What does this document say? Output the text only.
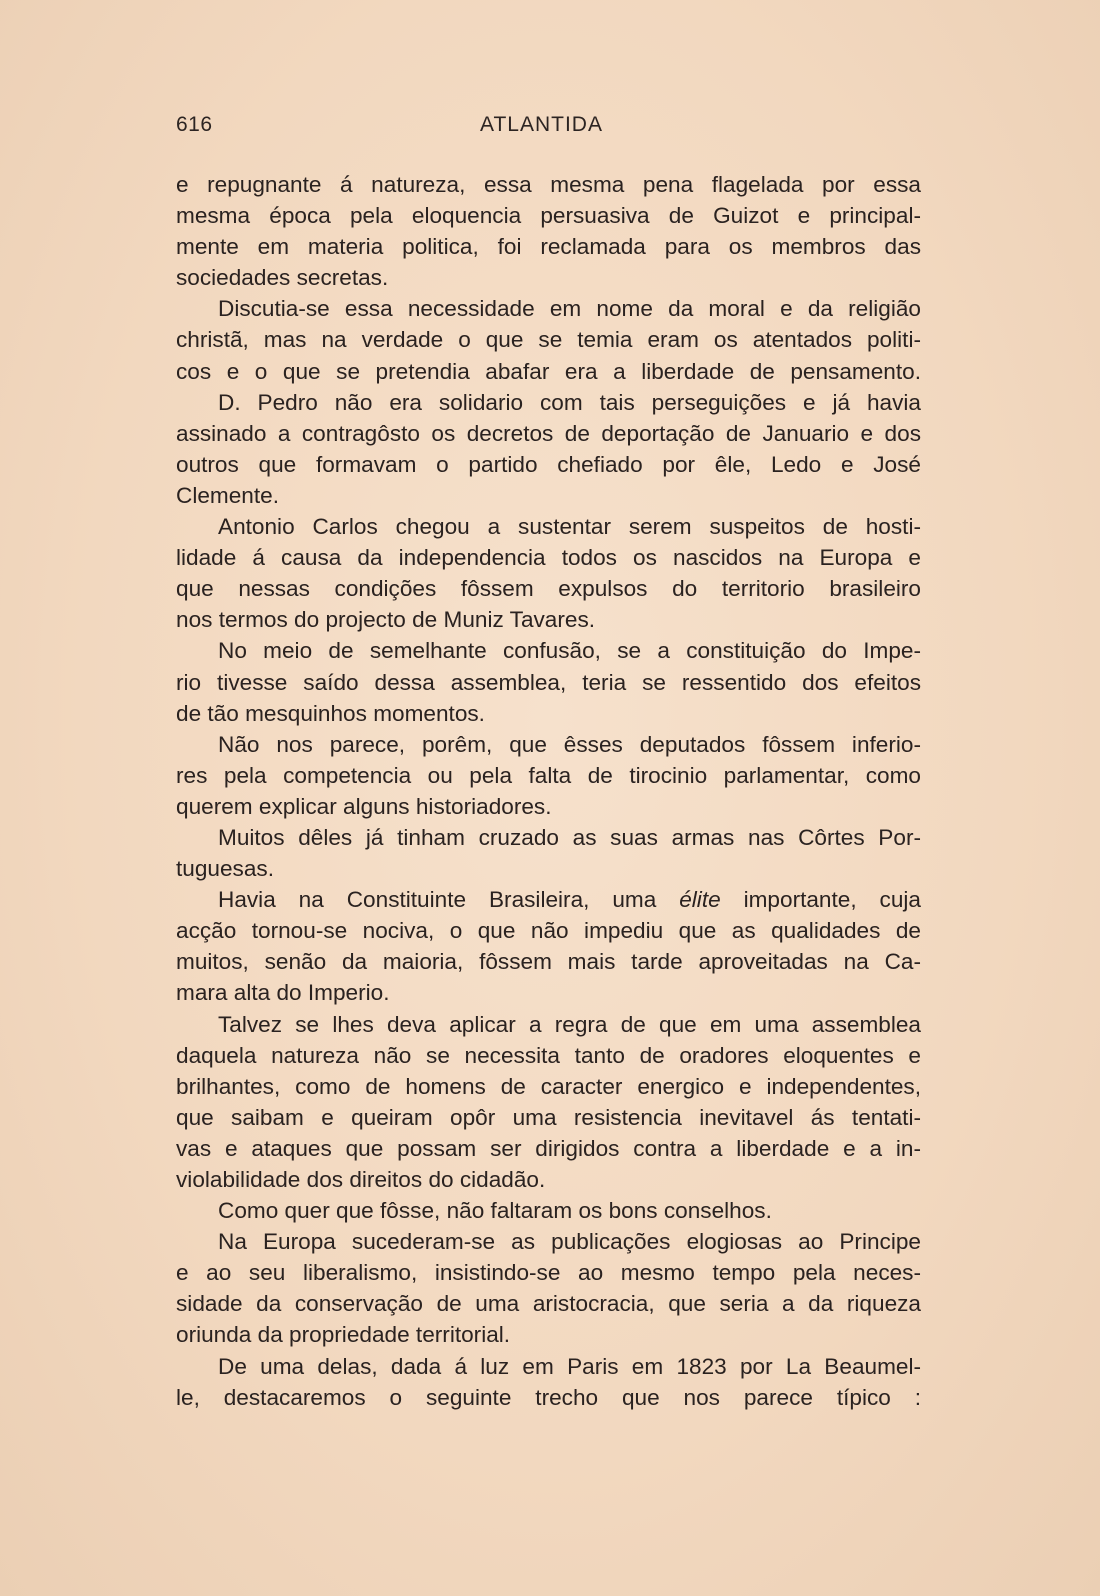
616	ATLANTIDA
e repugnante á natureza, essa mesma pena flagelada por essa
mesma época pela eloquencia persuasiva de Guizot e principal-
mente em materia politica, foi reclamada para os membros das
sociedades secretas.
Discutia-se essa necessidade em nome da moral e da religião
christã, mas na verdade o que se temia eram os atentados politi-
cos e o que se pretendia abafar era a liberdade de pensamento.
D. Pedro não era solidario com tais perseguições e já havia
assinado a contragôsto os decretos de deportação de Januario e dos
outros que formavam o partido chefiado por êle, Ledo e José
Clemente.
Antonio Carlos chegou a sustentar serem suspeitos de hosti-
lidade á causa da independencia todos os nascidos na Europa e
que nessas condições fôssem expulsos do territorio brasileiro
nos termos do projecto de Muniz Tavares.
No meio de semelhante confusão, se a constituição do Impe-
rio tivesse saído dessa assemblea, teria se ressentido dos efeitos
de tão mesquinhos momentos.
Não nos parece, porêm, que êsses deputados fôssem inferio-
res pela competencia ou pela falta de tirocinio parlamentar, como
querem explicar alguns historiadores.
Muitos dêles já tinham cruzado as suas armas nas Côrtes Por-
tuguesas.
Havia na Constituinte Brasileira, uma élite importante, cuja
acção tornou-se nociva, o que não impediu que as qualidades de
muitos, senão da maioria, fôssem mais tarde aproveitadas na Ca-
mara alta do Imperio.
Talvez se lhes deva aplicar a regra de que em uma assemblea
daquela natureza não se necessita tanto de oradores eloquentes e
brilhantes, como de homens de caracter energico e independentes,
que saibam e queiram opôr uma resistencia inevitavel ás tentati-
vas e ataques que possam ser dirigidos contra a liberdade e a in-
violabilidade dos direitos do cidadão.
Como quer que fôsse, não faltaram os bons conselhos.
Na Europa sucederam-se as publicações elogiosas ao Principe
e ao seu liberalismo, insistindo-se ao mesmo tempo pela neces-
sidade da conservação de uma aristocracia, que seria a da riqueza
oriunda da propriedade territorial.
De uma delas, dada á luz em Paris em 1823 por La Beaumel-
le, destacaremos o seguinte trecho que nos parece típico :
